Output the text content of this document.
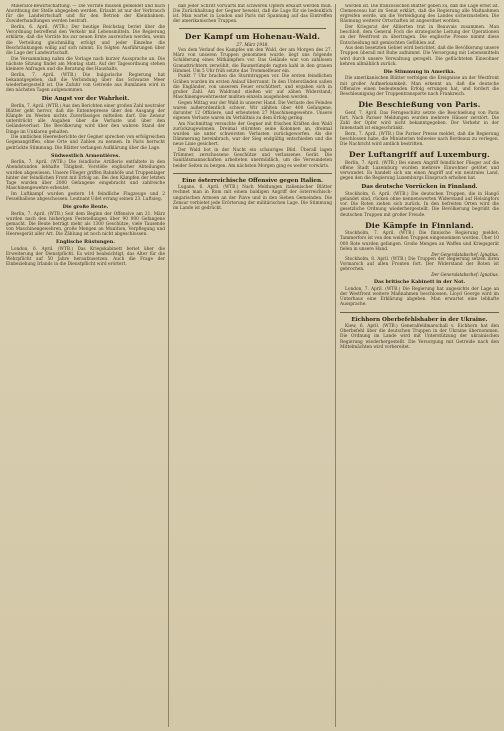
Mineralöl-Bewirtschaftung. — Die Vorräte müssen gemeldet und nach Anordnung der Stelle abgegeben werden. Erlaubt ist nur der Verbrauch für die Landwirtschaft und für den Betrieb der Kleinbahnen. Zuwiderhandlungen werden bestraft.

Berlin, 6. April. (WTB.) Der heutige Reichstag beriet über die Verordnung betreffend den Verkehr mit Lebensmitteln. Die Regierung erklärte, daß die Vorräte bis zur neuen Ernte ausreichen werden, wenn die Verteilung gleichmäßig erfolgt und jeder Einzelne die Beschränkungen willig auf sich nimmt. Es folgten Ausführungen über die Lage der Landwirtschaft.

Die Versammlung nahm die Vorlage nach kurzer Aussprache an. Die nächste Sitzung findet am Montag statt. Auf der Tagesordnung stehen kleinere Anfragen und die Beratung des Haushalts.

Berlin, 7. April. (WTB.) Die bulgarische Regierung hat bekanntgegeben, daß die Verbindung über das Schwarze Meer wiederhergestellt ist. Die Zufuhr von Getreide aus Rumänien wird in den nächsten Tagen aufgenommen.

Die Angst vor der Wahrheit.

Berlin, 7. April. (WTB.) Aus den Berichten einer großen Zahl neutraler Blätter geht hervor, daß die Ententepresse über den Ausgang der Kämpfe im Westen nichts Zuverlässiges mitteilen darf. Die Zensur unterdrückt alle Angaben über die Verluste und über den Geländeverlust. Die Bevölkerung wird über den wahren Stand der Dinge im Unklaren gehalten.

Die amtlichen Heeresberichte der Gegner sprechen von erfolgreichen Gegenangriffen, ohne Orte und Zahlen zu nennen. In Paris herrscht gedrückte Stimmung. Die Blätter verlangen Aufklärung über die Lage.

Südwestlich Armentières.

Berlin, 7. April. (WTB.) Die feindliche Artillerie entfaltete in den Abendstunden lebhafte Tätigkeit. Vorstöße englischer Abteilungen wurden abgewiesen. Unsere Flieger griffen Bahnhöfe und Truppenlager hinter der feindlichen Front mit Erfolg an. Bei den Kämpfen der letzten Tage wurden über 2000 Gefangene eingebracht und zahlreiche Maschinengewehre erbeutet.

Im Luftkampf wurden gestern 14 feindliche Flugzeuge und 2 Fesselballone abgeschossen. Leutnant Udet errang seinen 23. Luftsieg.

Die große Beute.

Berlin, 7. April. (WTB.) Seit dem Beginn der Offensive am 21. März wurden nach den bisherigen Feststellungen über 90 000 Gefangene gemacht. Die Beute beträgt mehr als 1300 Geschütze, viele Tausende von Maschinengewehren, große Mengen an Munition, Verpflegung und Heeresgerät aller Art. Die Zählung ist noch nicht abgeschlossen.

Englische Rüstungen.

London, 6. April. (WTB.) Das Kriegskabinett beriet über die Erweiterung der Dienstpflicht. Es wird beabsichtigt, das Alter für die Wehrpflicht auf 50 Jahre heraufzusetzen. Auch die Frage der Einbeziehung Irlands in die Dienstpflicht wird erörtert.

daß jeder Schritt vorwärts mit schweren Opfern erkauft werden muß. Die Zurückhaltung der Gegner beweist, daß die Lage für sie bedenklich ist. Man wartet in London und Paris mit Spannung auf das Eintreffen der amerikanischen Truppen.

Der Kampf um Hohenau-Wald.
27. März 1918.

Von dem Verlauf des Kampfes um den Wald, der am Morgen des 27. März von unseren Truppen genommen wurde, liegt uns folgende Schilderung eines Mitkämpfers vor. Das Gelände war von zahllosen Granattrichtern zerwühlt, die Baumstümpfe ragten kahl in den grauen Himmel. Um 5 Uhr früh setzte das Trommelfeuer ein.

Punkt 7 Uhr brachen die Sturmtruppen vor. Die ersten feindlichen Gräben wurden im ersten Anlauf überrannt. In den Unterständen saßen die Engländer, von unserem Feuer erschüttert, und ergaben sich in großer Zahl. Am Waldrand stießen wir auf zähen Widerstand; Maschinengewehrnester mußten einzeln ausgehoben werden.

Gegen Mittag war der Wald in unserer Hand. Die Verluste des Feindes waren außerordentlich schwer. Wir zählten über 400 Gefangene, darunter 12 Offiziere, und erbeuteten 27 Maschinengewehre. Unsere eigenen Verluste waren im Verhältnis zu dem Erfolg gering.

Am Nachmittag versuchte der Gegner mit frischen Kräften den Wald zurückzugewinnen. Dreimal stürmten seine Kolonnen an, dreimal wurden sie unter schwersten Verlusten zurückgeworfen. Als die Dämmerung hereinbrach, war der Sieg endgültig entschieden und die neue Linie gesichert.

Der Wald bot in der Nacht ein schauriges Bild. Überall lagen Trümmer, zerschossene Geschütze und verlassenes Gerät. Die Sanitätsmannschaften arbeiteten unermüdlich, um die Verwundeten beider Seiten zu bergen. Am nächsten Morgen ging es weiter vorwärts.

Eine österreichische Offensive gegen Italien.

Lugano, 6. April. (WTB.) Nach Meldungen italienischer Blätter rechnet man in Rom mit einem baldigen Angriff der österreichisch-ungarischen Armeen an der Piave und in den Sieben Gemeinden. Die Zensur verbietet jede Erörterung der militärischen Lage. Die Stimmung im Lande ist gedrückt.

worden ist. Die französischen Blätter geben zu, daß die Lage ernst ist. Clemenceau hat im Senat erklärt, daß die Regierung alle Maßnahmen ergreifen werde, um die Verteidigung des Landes sicherzustellen. Die Räumung weiterer Ortschaften ist angeordnet worden.

Der Kriegsrat der Alliierten trat in Beauvais zusammen. Man beschloß, dem General Foch die strategische Leitung der Operationen an der Westfront zu übertragen. Die englische Presse nimmt diese Entscheidung mit gemischten Gefühlen auf.

Aus dem besetzten Gebiet wird berichtet, daß die Bevölkerung unsere Truppen überall mit Ruhe aufnimmt. Die Versorgung mit Lebensmitteln wird durch unsere Verwaltung geregelt. Die geflüchteten Einwohner kehren allmählich zurück.

Die Stimmung in Amerika.

Die amerikanischen Blätter verfolgen die Ereignisse an der Westfront mit großer Aufmerksamkeit. Man erkennt an, daß die deutsche Offensive einen bedeutenden Erfolg errungen hat, und fordert die Beschleunigung der Truppentransporte nach Frankreich.

Die Beschießung von Paris.

Genf, 7. April. Das Ferngeschütz setzte die Beschießung von Paris fort. Nach Pariser Meldungen wurden mehrere Häuser zerstört. Die Zahl der Opfer wird nicht bekanntgegeben. Der Verkehr in der Innenstadt ist eingeschränkt.

Bern, 7. April. (WTB.) Die Pariser Presse meldet, daß die Regierung beschlossen habe, die Ministerien teilweise nach Bordeaux zu verlegen. Die Nachricht wird amtlich bestritten.

Der Luftangriff auf Luxemburg.

Berlin, 7. April. (WTB.) Bei einem Angriff feindlicher Flieger auf die offene Stadt Luxemburg wurden mehrere Einwohner getötet und verwundet. Es handelt sich um einen Angriff auf ein neutrales Land, gegen den die Regierung Luxemburgs Einspruch erhoben hat.

Das deutsche Vorrücken in Finnland.

Stockholm, 6. April. (WTB.) Die deutschen Truppen, die in Hangö gelandet sind, rücken ohne nennenswerten Widerstand auf Helsingfors vor. Die Roten ziehen sich zurück. In den befreiten Orten wird die gesetzliche Ordnung wiederhergestellt. Die Bevölkerung begrüßt die deutschen Truppen mit großer Freude.

Die Kämpfe in Finnland.

Stockholm, 7. April. (WTB.) Die finnische Regierung meldet: Tammerfors ist von den weißen Truppen eingenommen worden. Über 10 000 Rote wurden gefangen. Große Mengen an Waffen und Kriegsgerät fielen in unsere Hand.

Der Generalstabschef: Ignatius.

Stockholm, 8. April. (WTB.) Die Truppen der Regierung setzen ihren Vormarsch auf allen Fronten fort. Der Widerstand der Roten ist gebrochen.

Der Generalstabschef: Ignatius.
Das britische Kabinett in der Not.

London, 7. April. (WTB.) Die Regierung hat angesichts der Lage an der Westfront weitere Maßnahmen beschlossen. Lloyd George wird im Unterhaus eine Erklärung abgeben. Man erwartet eine lebhafte Aussprache.

Eichhorn Oberbefehlshaber in der Ukraine.

Kiew, 6. April. (WTB.) Generalfeldmarschall v. Eichhorn hat den Oberbefehl über die deutschen Truppen in der Ukraine übernommen. Die Ordnung im Lande wird mit Unterstützung der ukrainischen Regierung wiederhergestellt. Die Versorgung mit Getreide nach den Mittelmächten wird vorbereitet.
